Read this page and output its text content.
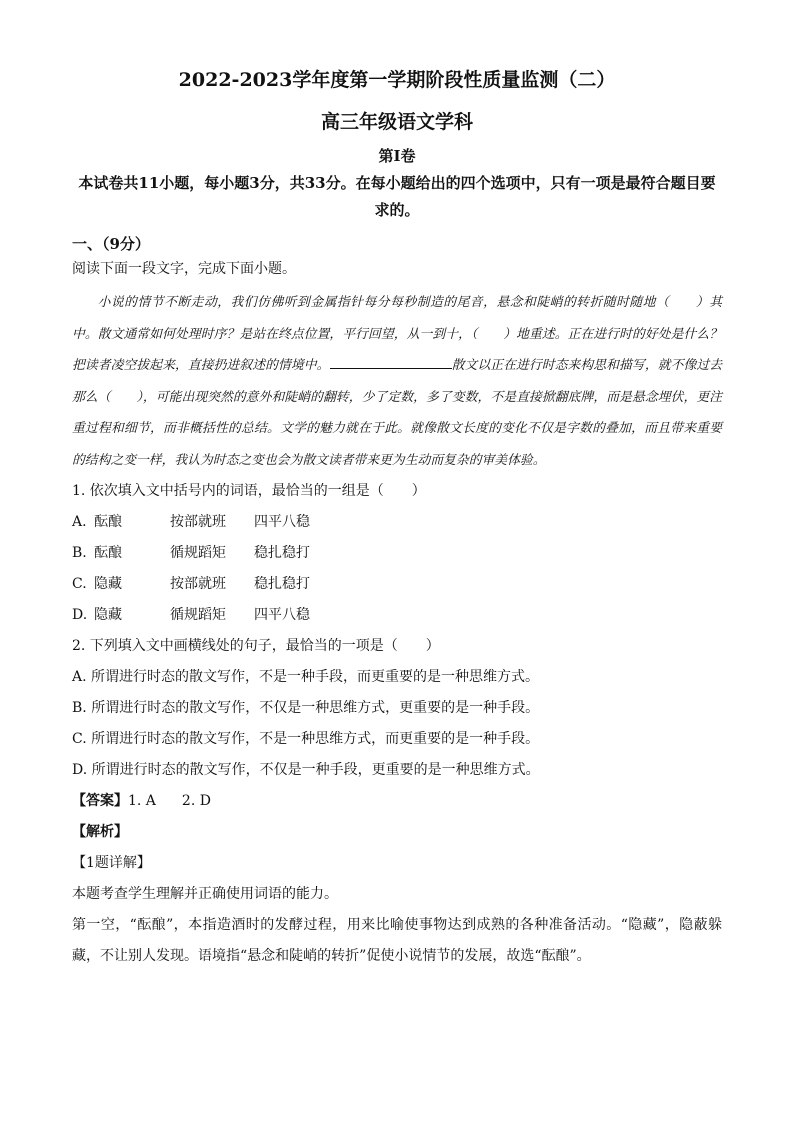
2022-2023学年度第一学期阶段性质量监测（二）
高三年级语文学科
第Ⅰ卷
本试卷共11小题，每小题3分，共33分。在每小题给出的四个选项中，只有一项是最符合题目要求的。
一、（9分）
阅读下面一段文字，完成下面小题。
小说的情节不断走动，我们仿佛听到金属指针每分每秒制造的尾音，悬念和陡峭的转折随时随地（　　）其中。散文通常如何处理时序？是站在终点位置，平行回望，从一到十，（　　）地重述。正在进行时的好处是什么？把读者凌空拔起来，直接扔进叙述的情境中。	散文以正在进行时态来构思和描写，就不像过去那么（　　），可能出现突然的意外和陡峭的翻转，少了定数，多了变数，不是直接掀翻底牌，而是悬念埋伏，更注重过程和细节，而非概括性的总结。文学的魅力就在于此。就像散文长度的变化不仅是字数的叠加，而且带来重要的结构之变一样，我认为时态之变也会为散文读者带来更为生动而复杂的审美体验。
1. 依次填入文中括号内的词语，最恰当的一组是（　　）
A. 酝酿	按部就班 四平八稳
B. 酝酿	循规蹈矩 稳扎稳打
C. 隐藏	按部就班 稳扎稳打
D. 隐藏	循规蹈矩 四平八稳
2. 下列填入文中画横线处的句子，最恰当的一项是（　　）
A. 所谓进行时态的散文写作，不是一种手段，而更重要的是一种思维方式。
B. 所谓进行时态的散文写作，不仅是一种思维方式，更重要的是一种手段。
C. 所谓进行时态的散文写作，不是一种思维方式，而更重要的是一种手段。
D. 所谓进行时态的散文写作，不仅是一种手段，更重要的是一种思维方式。
【答案】1. A 2. D
【解析】
【1题详解】
本题考查学生理解并正确使用词语的能力。
第一空，“酝酿”，本指造酒时的发酵过程，用来比喻使事物达到成熟的各种准备活动。“隐藏”，隐蔽躲藏，不让别人发现。语境指“悬念和陡峭的转折”促使小说情节的发展，故选“酝酿”。
